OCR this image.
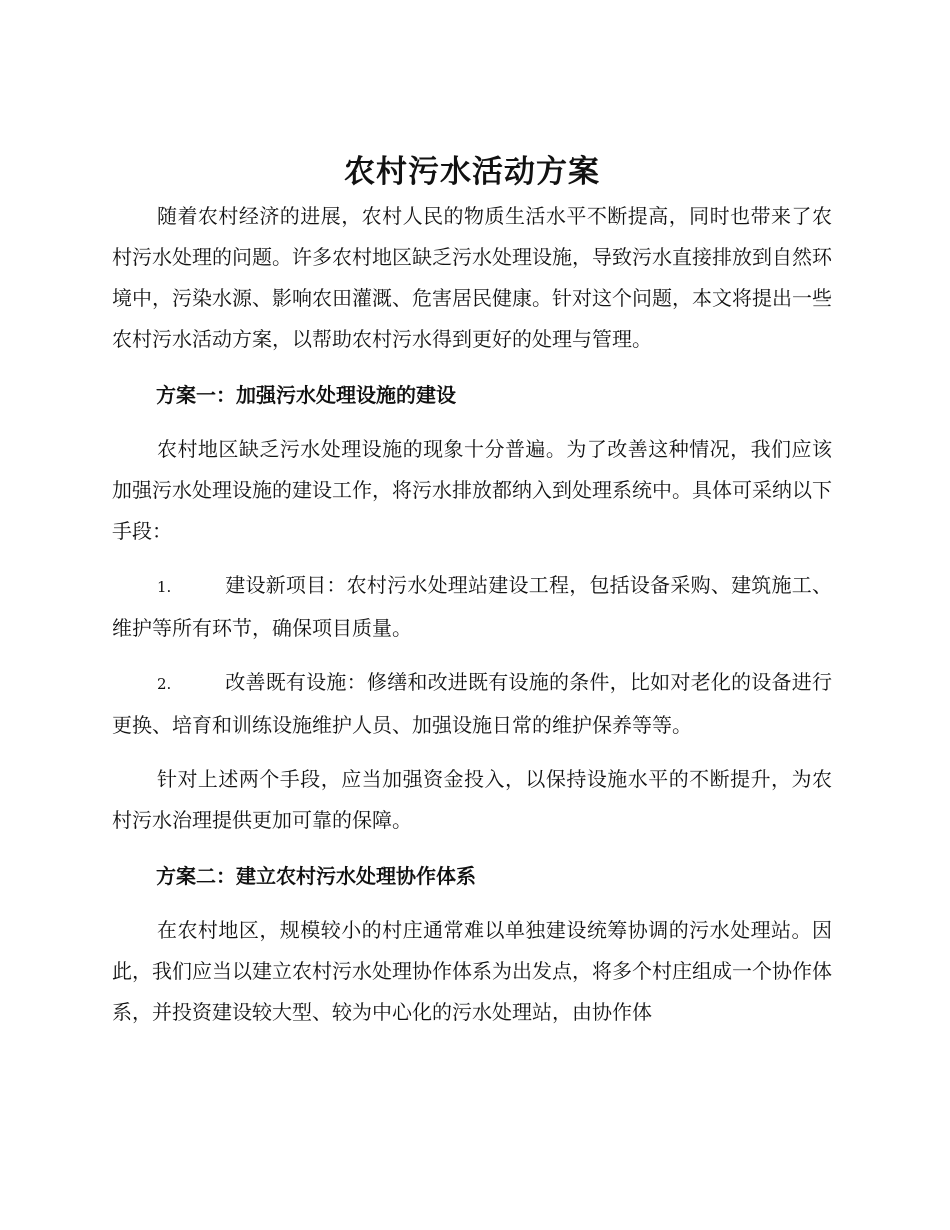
农村污水活动方案

随着农村经济的进展，农村人民的物质生活水平不断提高，同时也带来了农村污水处理的问题。许多农村地区缺乏污水处理设施，导致污水直接排放到自然环境中，污染水源、影响农田灌溉、危害居民健康。针对这个问题，本文将提出一些农村污水活动方案，以帮助农村污水得到更好的处理与管理。

方案一：加强污水处理设施的建设

农村地区缺乏污水处理设施的现象十分普遍。为了改善这种情况，我们应该加强污水处理设施的建设工作，将污水排放都纳入到处理系统中。具体可采纳以下手段：

1.	建设新项目：农村污水处理站建设工程，包括设备采购、建筑施工、维护等所有环节，确保项目质量。

2.	改善既有设施：修缮和改进既有设施的条件，比如对老化的设备进行更换、培育和训练设施维护人员、加强设施日常的维护保养等等。

针对上述两个手段，应当加强资金投入，以保持设施水平的不断提升，为农村污水治理提供更加可靠的保障。

方案二：建立农村污水处理协作体系

在农村地区，规模较小的村庄通常难以单独建设统筹协调的污水处理站。因此，我们应当以建立农村污水处理协作体系为出发点，将多个村庄组成一个协作体系，并投资建设较大型、较为中心化的污水处理站，由协作体
